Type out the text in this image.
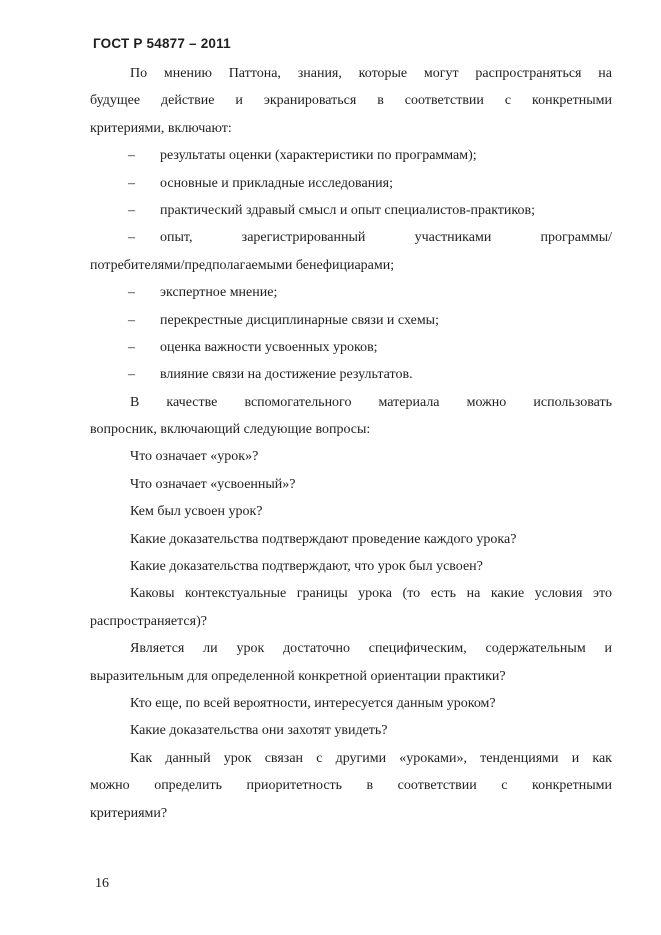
ГОСТ Р 54877 – 2011
По мнению Паттона, знания, которые могут распространяться на
будущее действие и экранироваться в соответствии с конкретными
критериями, включают:
–	результаты оценки (характеристики по программам);
–	основные и прикладные исследования;
–	практический здравый смысл и опыт специалистов-практиков;
–	опыт, зарегистрированный участниками программы/
потребителями/предполагаемыми бенефициарами;
–	экспертное мнение;
–	перекрестные дисциплинарные связи и схемы;
–	оценка важности усвоенных уроков;
–	влияние связи на достижение результатов.
В качестве вспомогательного материала можно использовать
вопросник, включающий следующие вопросы:
Что означает «урок»?
Что означает «усвоенный»?
Кем был усвоен урок?
Какие доказательства подтверждают проведение каждого урока?
Какие доказательства подтверждают, что урок был усвоен?
Каковы контекстуальные границы урока (то есть на какие условия это
распространяется)?
Является ли урок достаточно специфическим, содержательным и
выразительным для определенной конкретной ориентации практики?
Кто еще, по всей вероятности, интересуется данным уроком?
Какие доказательства они захотят увидеть?
Как данный урок связан с другими «уроками», тенденциями и как
можно определить приоритетность в соответствии с конкретными
критериями?
16
